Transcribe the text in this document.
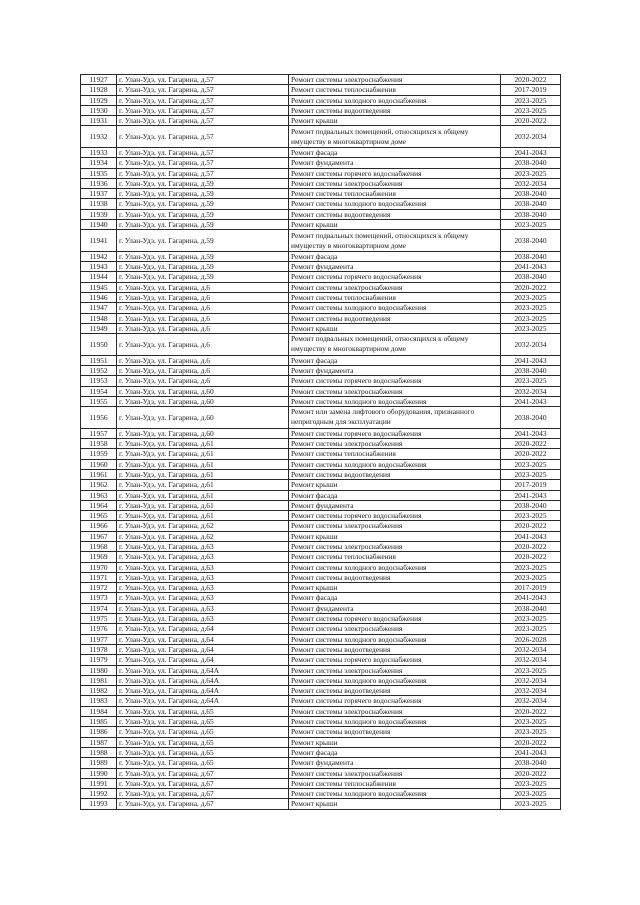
11927	г. Улан-Удэ, ул. Гагарина, д.57	Ремонт системы электроснабжения	2020-2022
11928	г. Улан-Удэ, ул. Гагарина, д.57	Ремонт системы теплоснабжения	2017-2019
11929	г. Улан-Удэ, ул. Гагарина, д.57	Ремонт системы холодного водоснабжения	2023-2025
11930	г. Улан-Удэ, ул. Гагарина, д.57	Ремонт системы водоотведения	2023-2025
11931	г. Улан-Удэ, ул. Гагарина, д.57	Ремонт крыши	2020-2022
11932	г. Улан-Удэ, ул. Гагарина, д.57	Ремонт подвальных помещений, относящихся к общему имуществу в многоквартирном доме	2032-2034
11933	г. Улан-Удэ, ул. Гагарина, д.57	Ремонт фасада	2041-2043
11934	г. Улан-Удэ, ул. Гагарина, д.57	Ремонт фундамента	2038-2040
11935	г. Улан-Удэ, ул. Гагарина, д.57	Ремонт системы горячего водоснабжения	2023-2025
11936	г. Улан-Удэ, ул. Гагарина, д.59	Ремонт системы электроснабжения	2032-2034
11937	г. Улан-Удэ, ул. Гагарина, д.59	Ремонт системы теплоснабжения	2038-2040
11938	г. Улан-Удэ, ул. Гагарина, д.59	Ремонт системы холодного водоснабжения	2038-2040
11939	г. Улан-Удэ, ул. Гагарина, д.59	Ремонт системы водоотведения	2038-2040
11940	г. Улан-Удэ, ул. Гагарина, д.59	Ремонт крыши	2023-2025
11941	г. Улан-Удэ, ул. Гагарина, д.59	Ремонт подвальных помещений, относящихся к общему имуществу в многоквартирном доме	2038-2040
11942	г. Улан-Удэ, ул. Гагарина, д.59	Ремонт фасада	2038-2040
11943	г. Улан-Удэ, ул. Гагарина, д.59	Ремонт фундамента	2041-2043
11944	г. Улан-Удэ, ул. Гагарина, д.59	Ремонт системы горячего водоснабжения	2038-2040
11945	г. Улан-Удэ, ул. Гагарина, д.6	Ремонт системы электроснабжения	2020-2022
11946	г. Улан-Удэ, ул. Гагарина, д.6	Ремонт системы теплоснабжения	2023-2025
11947	г. Улан-Удэ, ул. Гагарина, д.6	Ремонт системы холодного водоснабжения	2023-2025
11948	г. Улан-Удэ, ул. Гагарина, д.6	Ремонт системы водоотведения	2023-2025
11949	г. Улан-Удэ, ул. Гагарина, д.6	Ремонт крыши	2023-2025
11950	г. Улан-Удэ, ул. Гагарина, д.6	Ремонт подвальных помещений, относящихся к общему имуществу в многоквартирном доме	2032-2034
11951	г. Улан-Удэ, ул. Гагарина, д.6	Ремонт фасада	2041-2043
11952	г. Улан-Удэ, ул. Гагарина, д.6	Ремонт фундамента	2038-2040
11953	г. Улан-Удэ, ул. Гагарина, д.6	Ремонт системы горячего водоснабжения	2023-2025
11954	г. Улан-Удэ, ул. Гагарина, д.60	Ремонт системы электроснабжения	2032-2034
11955	г. Улан-Удэ, ул. Гагарина, д.60	Ремонт системы холодного водоснабжения	2041-2043
11956	г. Улан-Удэ, ул. Гагарина, д.60	Ремонт или замена лифтового оборудования, признанного непригодным для эксплуатации	2038-2040
11957	г. Улан-Удэ, ул. Гагарина, д.60	Ремонт системы горячего водоснабжения	2041-2043
11958	г. Улан-Удэ, ул. Гагарина, д.61	Ремонт системы электроснабжения	2020-2022
11959	г. Улан-Удэ, ул. Гагарина, д.61	Ремонт системы теплоснабжения	2020-2022
11960	г. Улан-Удэ, ул. Гагарина, д.61	Ремонт системы холодного водоснабжения	2023-2025
11961	г. Улан-Удэ, ул. Гагарина, д.61	Ремонт системы водоотведения	2023-2025
11962	г. Улан-Удэ, ул. Гагарина, д.61	Ремонт крыши	2017-2019
11963	г. Улан-Удэ, ул. Гагарина, д.61	Ремонт фасада	2041-2043
11964	г. Улан-Удэ, ул. Гагарина, д.61	Ремонт фундамента	2038-2040
11965	г. Улан-Удэ, ул. Гагарина, д.61	Ремонт системы горячего водоснабжения	2023-2025
11966	г. Улан-Удэ, ул. Гагарина, д.62	Ремонт системы электроснабжения	2020-2022
11967	г. Улан-Удэ, ул. Гагарина, д.62	Ремонт крыши	2041-2043
11968	г. Улан-Удэ, ул. Гагарина, д.63	Ремонт системы электроснабжения	2020-2022
11969	г. Улан-Удэ, ул. Гагарина, д.63	Ремонт системы теплоснабжения	2020-2022
11970	г. Улан-Удэ, ул. Гагарина, д.63	Ремонт системы холодного водоснабжения	2023-2025
11971	г. Улан-Удэ, ул. Гагарина, д.63	Ремонт системы водоотведения	2023-2025
11972	г. Улан-Удэ, ул. Гагарина, д.63	Ремонт крыши	2017-2019
11973	г. Улан-Удэ, ул. Гагарина, д.63	Ремонт фасада	2041-2043
11974	г. Улан-Удэ, ул. Гагарина, д.63	Ремонт фундамента	2038-2040
11975	г. Улан-Удэ, ул. Гагарина, д.63	Ремонт системы горячего водоснабжения	2023-2025
11976	г. Улан-Удэ, ул. Гагарина, д.64	Ремонт системы электроснабжения	2023-2025
11977	г. Улан-Удэ, ул. Гагарина, д.64	Ремонт системы холодного водоснабжения	2026-2028
11978	г. Улан-Удэ, ул. Гагарина, д.64	Ремонт системы водоотведения	2032-2034
11979	г. Улан-Удэ, ул. Гагарина, д.64	Ремонт системы горячего водоснабжения	2032-2034
11980	г. Улан-Удэ, ул. Гагарина, д.64А	Ремонт системы электроснабжения	2023-2025
11981	г. Улан-Удэ, ул. Гагарина, д.64А	Ремонт системы холодного водоснабжения	2032-2034
11982	г. Улан-Удэ, ул. Гагарина, д.64А	Ремонт системы водоотведения	2032-2034
11983	г. Улан-Удэ, ул. Гагарина, д.64А	Ремонт системы горячего водоснабжения	2032-2034
11984	г. Улан-Удэ, ул. Гагарина, д.65	Ремонт системы электроснабжения	2020-2022
11985	г. Улан-Удэ, ул. Гагарина, д.65	Ремонт системы холодного водоснабжения	2023-2025
11986	г. Улан-Удэ, ул. Гагарина, д.65	Ремонт системы водоотведения	2023-2025
11987	г. Улан-Удэ, ул. Гагарина, д.65	Ремонт крыши	2020-2022
11988	г. Улан-Удэ, ул. Гагарина, д.65	Ремонт фасада	2041-2043
11989	г. Улан-Удэ, ул. Гагарина, д.65	Ремонт фундамента	2038-2040
11990	г. Улан-Удэ, ул. Гагарина, д.67	Ремонт системы электроснабжения	2020-2022
11991	г. Улан-Удэ, ул. Гагарина, д.67	Ремонт системы теплоснабжения	2023-2025
11992	г. Улан-Удэ, ул. Гагарина, д.67	Ремонт системы холодного водоснабжения	2023-2025
11993	г. Улан-Удэ, ул. Гагарина, д.67	Ремонт крыши	2023-2025
